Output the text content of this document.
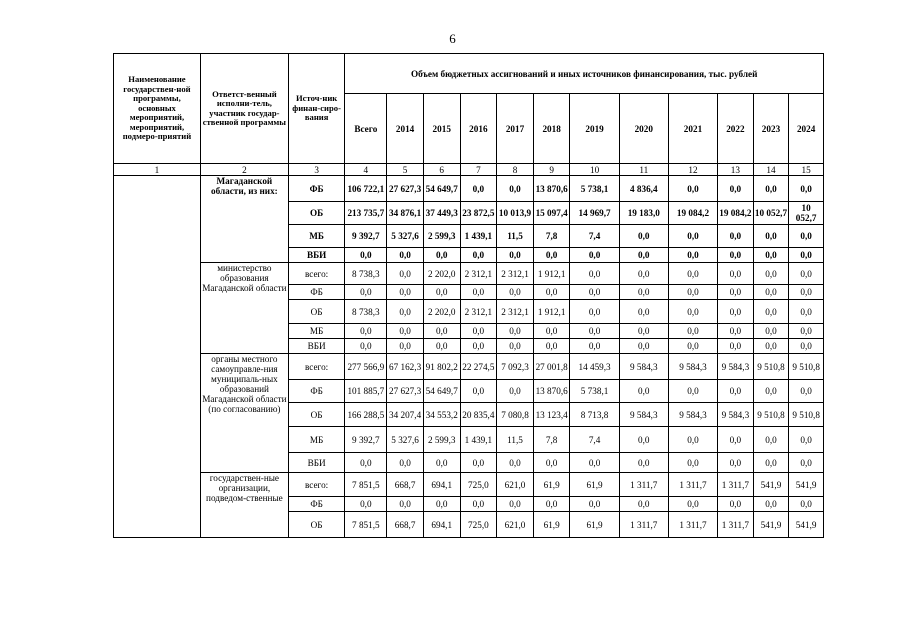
6
Наименование государствен-ной программы, основных мероприятий, мероприятий, подмеро-приятий	Ответст-венный исполни-тель, участник государ-ственной программы	Источ-ник финан-сиро-вания	Объем бюджетных ассигнований и иных источников финансирования, тыс. рублей											
			Всего	2014	2015	2016	2017	2018	2019	2020	2021	2022	2023	2024
1	2	3	4	5	6	7	8	9	10	11	12	13	14	15
	Магаданской области, из них:	ФБ	106 722,1	27 627,3	54 649,7	0,0	0,0	13 870,6	5 738,1	4 836,4	0,0	0,0	0,0	0,0
		ОБ	213 735,7	34 876,1	37 449,3	23 872,5	10 013,9	15 097,4	14 969,7	19 183,0	19 084,2	19 084,2	10 052,7	10 052,7
		МБ	9 392,7	5 327,6	2 599,3	1 439,1	11,5	7,8	7,4	0,0	0,0	0,0	0,0	0,0
		ВБИ	0,0	0,0	0,0	0,0	0,0	0,0	0,0	0,0	0,0	0,0	0,0	0,0
	министерство образования Магаданской области	всего:	8 738,3	0,0	2 202,0	2 312,1	2 312,1	1 912,1	0,0	0,0	0,0	0,0	0,0	0,0
		ФБ	0,0	0,0	0,0	0,0	0,0	0,0	0,0	0,0	0,0	0,0	0,0	0,0
		ОБ	8 738,3	0,0	2 202,0	2 312,1	2 312,1	1 912,1	0,0	0,0	0,0	0,0	0,0	0,0
		МБ	0,0	0,0	0,0	0,0	0,0	0,0	0,0	0,0	0,0	0,0	0,0	0,0
		ВБИ	0,0	0,0	0,0	0,0	0,0	0,0	0,0	0,0	0,0	0,0	0,0	0,0
	органы местного самоуправле-ния муниципаль-ных образований Магаданской области (по согласованию)	всего:	277 566,9	67 162,3	91 802,2	22 274,5	7 092,3	27 001,8	14 459,3	9 584,3	9 584,3	9 584,3	9 510,8	9 510,8
		ФБ	101 885,7	27 627,3	54 649,7	0,0	0,0	13 870,6	5 738,1	0,0	0,0	0,0	0,0	0,0
		ОБ	166 288,5	34 207,4	34 553,2	20 835,4	7 080,8	13 123,4	8 713,8	9 584,3	9 584,3	9 584,3	9 510,8	9 510,8
		МБ	9 392,7	5 327,6	2 599,3	1 439,1	11,5	7,8	7,4	0,0	0,0	0,0	0,0	0,0
		ВБИ	0,0	0,0	0,0	0,0	0,0	0,0	0,0	0,0	0,0	0,0	0,0	0,0
	государствен-ные организации, подведом-ственные	всего:	7 851,5	668,7	694,1	725,0	621,0	61,9	61,9	1 311,7	1 311,7	1 311,7	541,9	541,9
		ФБ	0,0	0,0	0,0	0,0	0,0	0,0	0,0	0,0	0,0	0,0	0,0	0,0
		ОБ	7 851,5	668,7	694,1	725,0	621,0	61,9	61,9	1 311,7	1 311,7	1 311,7	541,9	541,9
